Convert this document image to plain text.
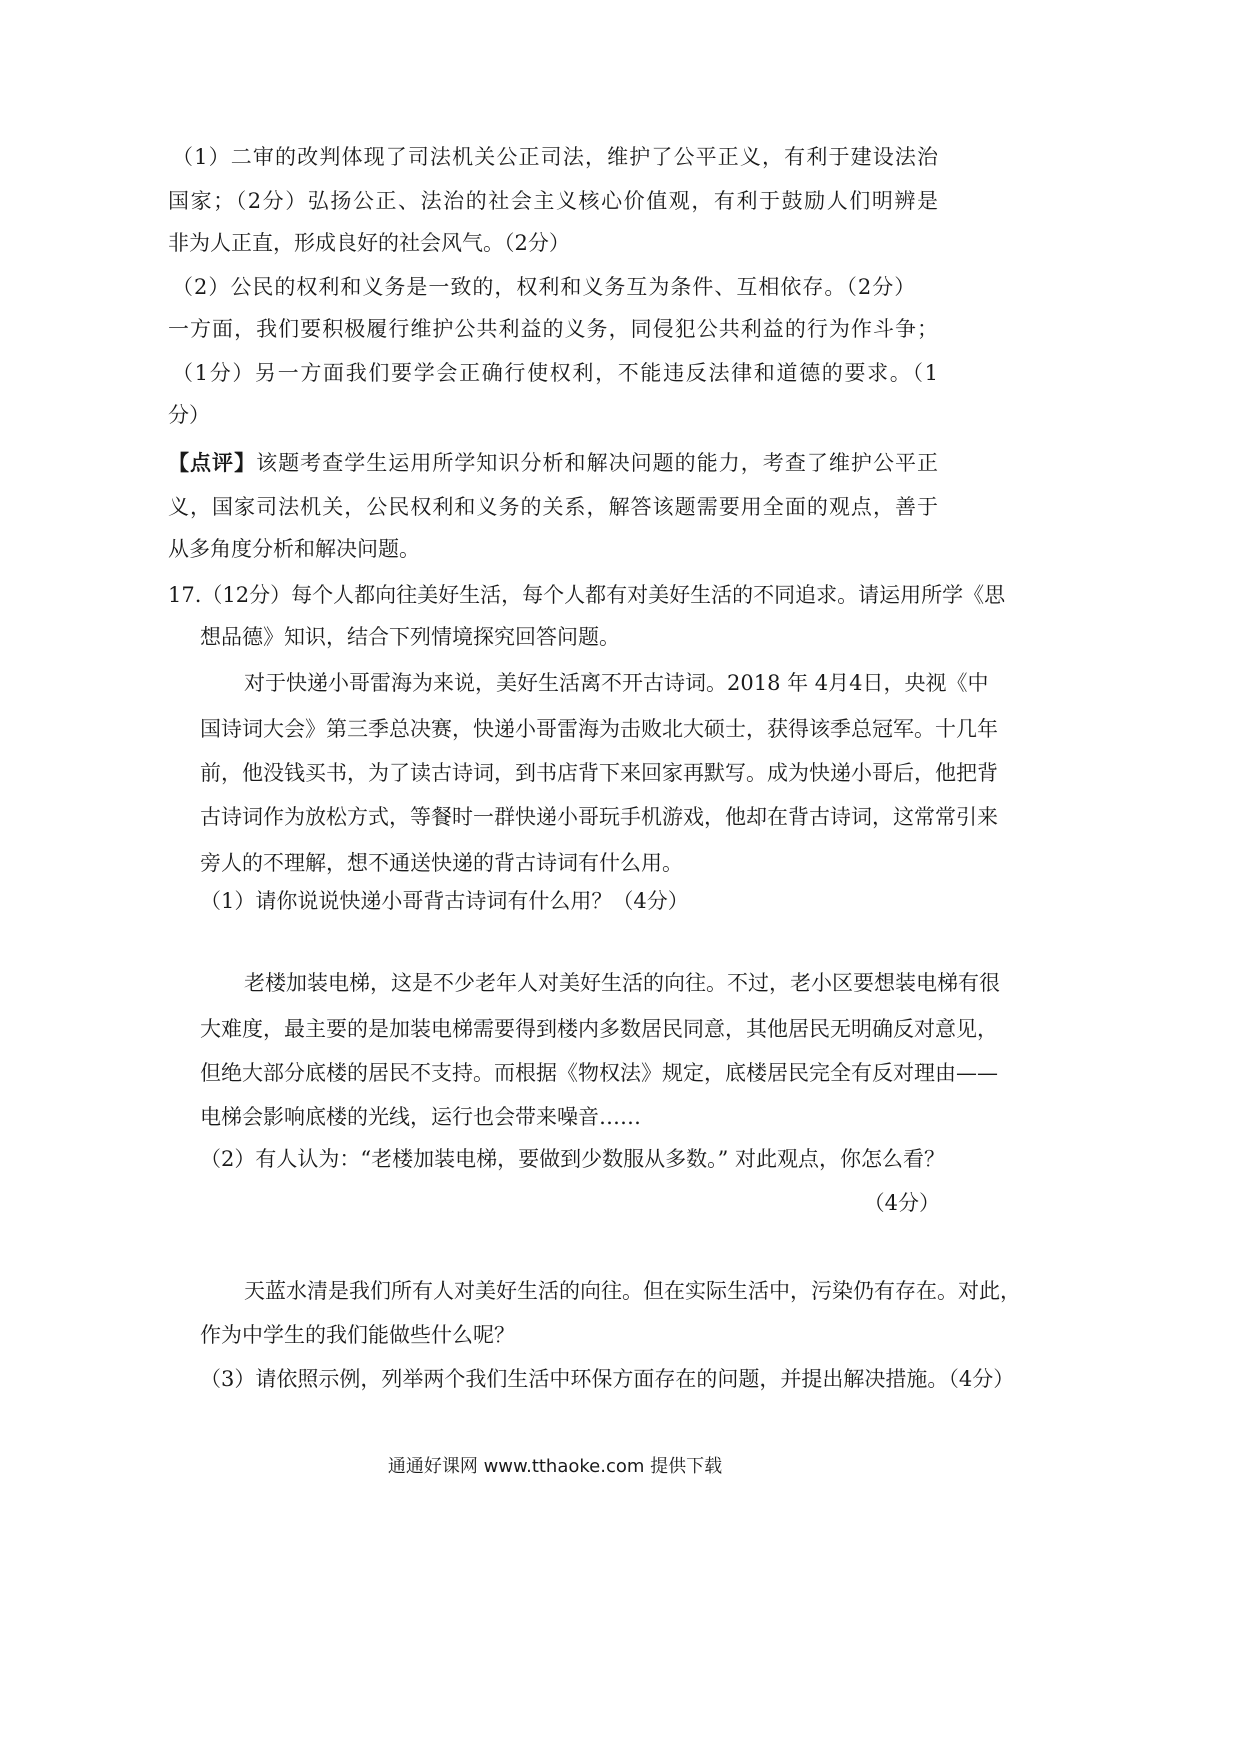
（1）二审的改判体现了司法机关公正司法，维护了公平正义，有利于建设法治
国家；（2分）弘扬公正、法治的社会主义核心价值观，有利于鼓励人们明辨是
非为人正直，形成良好的社会风气。（2分）
（2）公民的权利和义务是一致的，权利和义务互为条件、互相依存。（2分）
一方面，我们要积极履行维护公共利益的义务，同侵犯公共利益的行为作斗争；
（1分）另一方面我们要学会正确行使权利，不能违反法律和道德的要求。（1
分）
【点评】该题考查学生运用所学知识分析和解决问题的能力，考查了维护公平正
义，国家司法机关，公民权利和义务的关系，解答该题需要用全面的观点，善于
从多角度分析和解决问题。
17.（12分）每个人都向往美好生活，每个人都有对美好生活的不同追求。请运用所学《思
想品德》知识，结合下列情境探究回答问题。
对于快递小哥雷海为来说，美好生活离不开古诗词。2018 年 4月4日，央视《中
国诗词大会》第三季总决赛，快递小哥雷海为击败北大硕士，获得该季总冠军。十几年
前，他没钱买书，为了读古诗词，到书店背下来回家再默写。成为快递小哥后，他把背
古诗词作为放松方式，等餐时一群快递小哥玩手机游戏，他却在背古诗词，这常常引来
旁人的不理解，想不通送快递的背古诗词有什么用。
（1）请你说说快递小哥背古诗词有什么用？（4分）
老楼加装电梯，这是不少老年人对美好生活的向往。不过，老小区要想装电梯有很
大难度，最主要的是加装电梯需要得到楼内多数居民同意，其他居民无明确反对意见，
但绝大部分底楼的居民不支持。而根据《物权法》规定，底楼居民完全有反对理由——
电梯会影响底楼的光线，运行也会带来噪音……
（2）有人认为：“老楼加装电梯，要做到少数服从多数。” 对此观点，你怎么看？
（4分）
天蓝水清是我们所有人对美好生活的向往。但在实际生活中，污染仍有存在。对此，
作为中学生的我们能做些什么呢？
（3）请依照示例，列举两个我们生活中环保方面存在的问题，并提出解决措施。（4分）
通通好课网 www.tthaoke.com 提供下载
